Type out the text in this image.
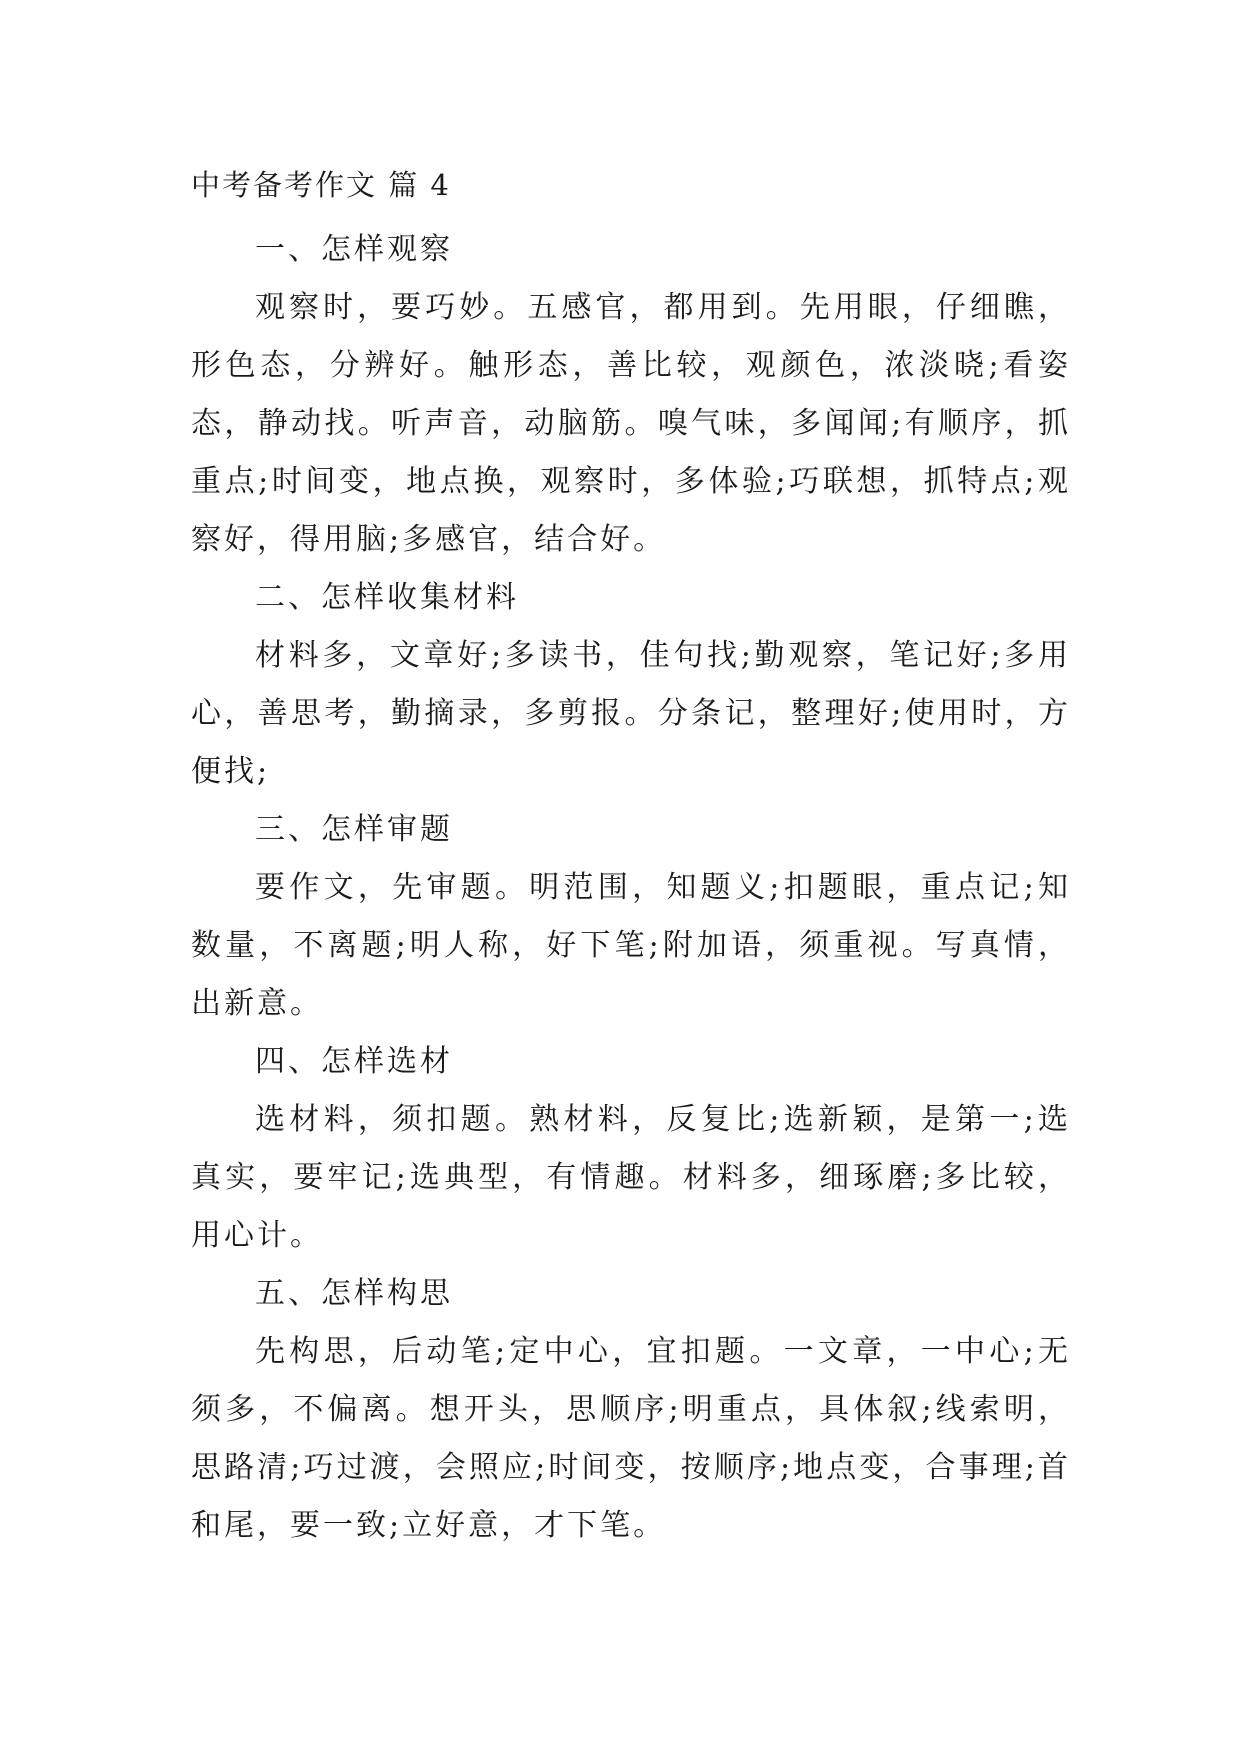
中考备考作文 篇 4

一、怎样观察

观察时，要巧妙。五感官，都用到。先用眼，仔细瞧，形色态，分辨好。触形态，善比较，观颜色，浓淡晓;看姿态，静动找。听声音，动脑筋。嗅气味，多闻闻;有顺序，抓重点;时间变，地点换，观察时，多体验;巧联想，抓特点;观察好，得用脑;多感官，结合好。

二、怎样收集材料

材料多，文章好;多读书，佳句找;勤观察，笔记好;多用心，善思考，勤摘录，多剪报。分条记，整理好;使用时，方便找;

三、怎样审题

要作文，先审题。明范围，知题义;扣题眼，重点记;知数量，不离题;明人称，好下笔;附加语，须重视。写真情，出新意。

四、怎样选材

选材料，须扣题。熟材料，反复比;选新颖，是第一;选真实，要牢记;选典型，有情趣。材料多，细琢磨;多比较，用心计。

五、怎样构思

先构思，后动笔;定中心，宜扣题。一文章，一中心;无须多，不偏离。想开头，思顺序;明重点，具体叙;线索明，思路清;巧过渡，会照应;时间变，按顺序;地点变，合事理;首和尾，要一致;立好意，才下笔。
